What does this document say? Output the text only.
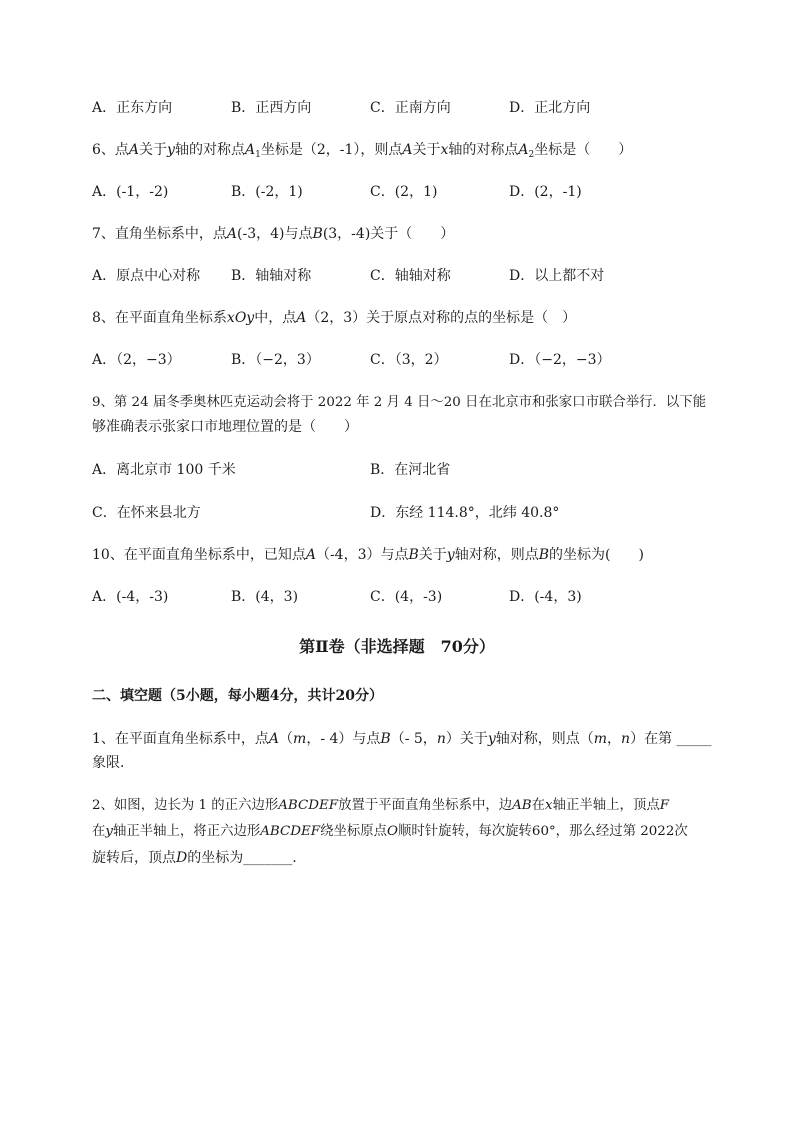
A．正东方向	B．正西方向	C．正南方向	D．正北方向
6、点A关于y轴的对称点$A_1$坐标是（2，-1），则点A关于x轴的对称点$A_2$坐标是（　　）
A．(-1，-2)	B．(-2，1)	C．(2，1)	D．(2，-1)
7、直角坐标系中，点A(-3，4)与点B(3，-4)关于（　　）
A．原点中心对称 B．轴轴对称	C．轴轴对称	D．以上都不对
8、在平面直角坐标系xOy中，点A（2，3）关于原点对称的点的坐标是（　）
A．（2，−3）	B．（−2，3）	C．（3，2）	D．（−2，−3）
9、第 24 届冬季奥林匹克运动会将于 2022 年 2 月 4 日～20 日在北京市和张家口市联合举行．以下能
够准确表示张家口市地理位置的是（　　）
A．离北京市 100 千米	B．在河北省
C．在怀来县北方	D．东经 114.8°，北纬 40.8°
10、在平面直角坐标系中，已知点A（-4，3）与点B关于y轴对称，则点B的坐标为(　　)
A．(-4，-3)	B．(4，3)	C．(4，-3)	D．(-4，3)
第Ⅱ卷（非选择题　70分）
二、填空题（5小题，每小题4分，共计20分）
1、在平面直角坐标系中，点A（m，- 4）与点B（- 5，n）关于y轴对称，则点（m，n）在第 _____
象限．
2、如图，边长为 1 的正六边形ABCDEF放置于平面直角坐标系中，边AB在x轴正半轴上，顶点F
在y轴正半轴上，将正六边形ABCDEF绕坐标原点O顺时针旋转，每次旋转60°，那么经过第 2022次
旋转后，顶点D的坐标为_______.
